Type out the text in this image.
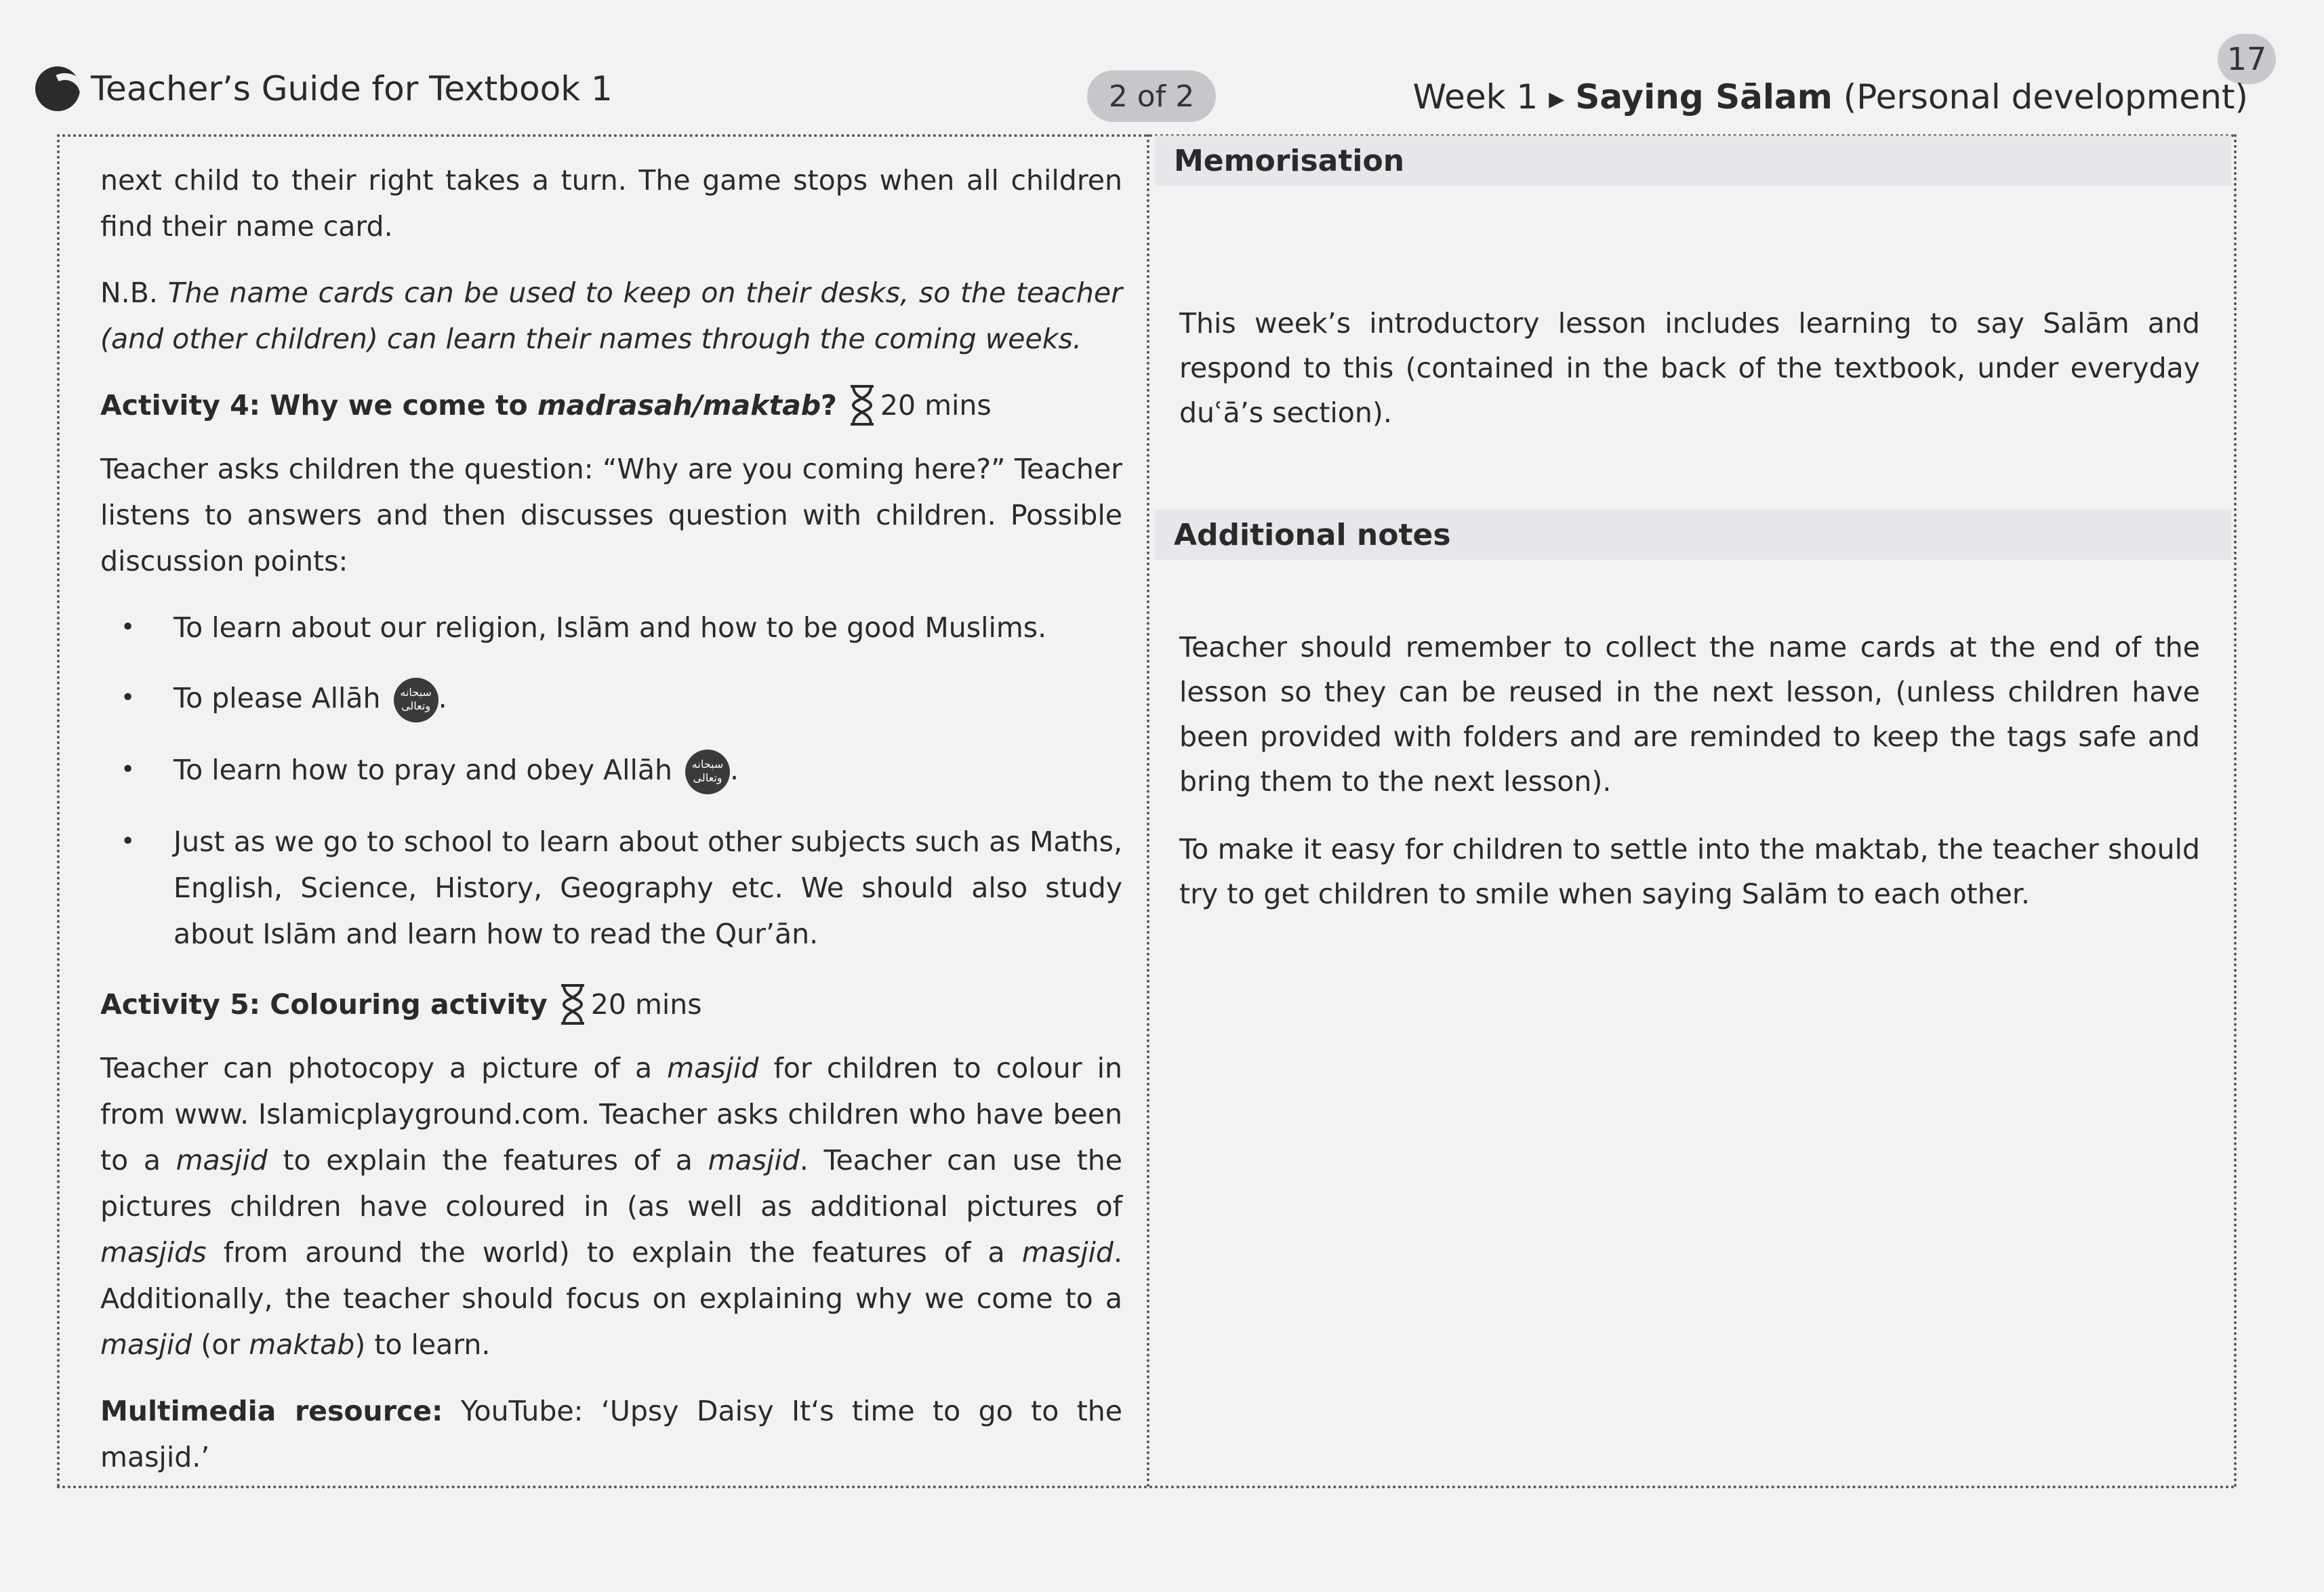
17
Teacher’s Guide for Textbook 1	2 of 2	Week 1 ▶ Saying Sālam (Personal development)

next child to their right takes a turn. The game stops when all children find their name card.

N.B. The name cards can be used to keep on their desks, so the teacher (and other children) can learn their names through the coming weeks.

Activity 4: Why we come to madrasah/maktab? 20 mins

Teacher asks children the question: “Why are you coming here?” Teacher listens to answers and then discusses question with children. Possible discussion points:

• To learn about our religion, Islām and how to be good Muslims.
• To please Allāh سبحانه
وتعالى .
• To learn how to pray and obey Allāh سبحانه
وتعالى .
• Just as we go to school to learn about other subjects such as Maths, English, Science, History, Geography etc. We should also study about Islām and learn how to read the Qur’ān.
Activity 5: Colouring activity 20 mins

Teacher can photocopy a picture of a masjid for children to colour in from www. Islamicplayground.com. Teacher asks children who have been to a masjid to explain the features of a masjid. Teacher can use the pictures children have coloured in (as well as additional pictures of masjids from around the world) to explain the features of a masjid. Additionally, the teacher should focus on explaining why we come to a masjid (or maktab) to learn.

Multimedia resource: YouTube: ‘Upsy Daisy It‘s time to go to the masjid.’

Memorisation

This week’s introductory lesson includes learning to say Salām and respond to this (contained in the back of the textbook, under everyday duʿā’s section).

Additional notes

Teacher should remember to collect the name cards at the end of the lesson so they can be reused in the next lesson, (unless children have been provided with folders and are reminded to keep the tags safe and bring them to the next lesson).

To make it easy for children to settle into the maktab, the teacher should try to get children to smile when saying Salām to each other.
